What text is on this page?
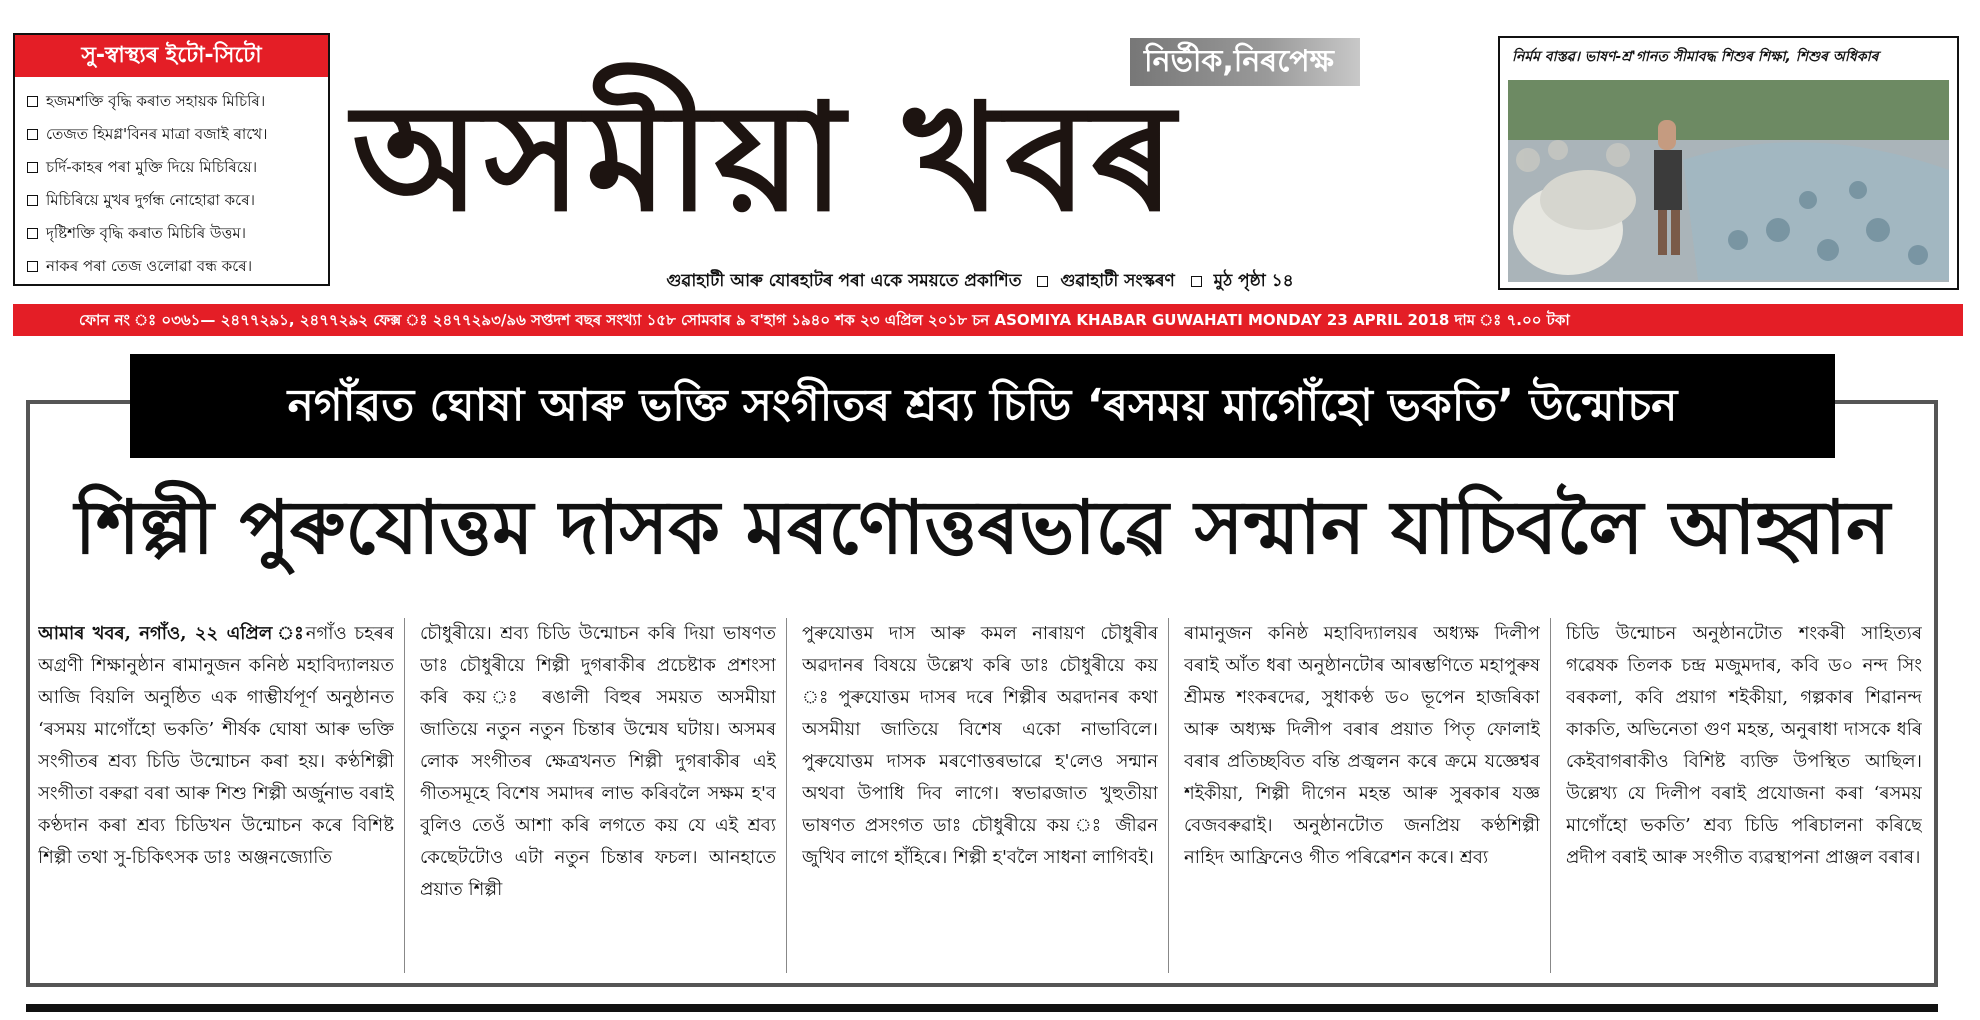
সু-স্বাস্থ্যৰ ইটো-সিটো
হজমশক্তি বৃদ্ধি কৰাত সহায়ক মিচিৰি।
তেজত হিমগ্ল'বিনৰ মাত্ৰা বজাই ৰাখে।
চৰ্দি-কাহৰ পৰা মুক্তি দিয়ে মিচিৰিয়ে।
মিচিৰিয়ে মুখৰ দুৰ্গন্ধ নোহোৱা কৰে।
দৃষ্টিশক্তি বৃদ্ধি কৰাত মিচিৰি উত্তম।
নাকৰ পৰা তেজ ওলোৱা বন্ধ কৰে।
নিৰ্ভীক,নিৰপেক্ষ
অসমীয়া খবৰ
গুৱাহাটী আৰু যোৰহাটৰ পৰা একে সময়তে প্ৰকাশিত গুৱাহাটী সংস্কৰণ মুঠ পৃষ্ঠা ১৪
নিৰ্মম বাস্তৱ। ভাষণ-শ্ৰ'গানত সীমাবদ্ধ শিশুৰ শিক্ষা, শিশুৰ অধিকাৰ
ফোন নং ঃ ০৩৬১— ২৪৭৭২৯১, ২৪৭৭২৯২ ফেক্স ঃ ২৪৭৭২৯৩/৯৬ সপ্তদশ বছৰ সংখ্যা ১৫৮ সোমবাৰ ৯ ব'হাগ ১৯৪০ শক ২৩ এপ্ৰিল ২০১৮ চন ASOMIYA KHABAR GUWAHATI MONDAY 23 APRIL 2018 দাম ঃ ৭.০০ টকা
নগাঁৱত ঘোষা আৰু ভক্তি সংগীতৰ শ্ৰব্য চিডি ‘ৰসময় মাগোঁহো ভকতি’ উন্মোচন
শিল্পী পুৰুযোত্তম দাসক মৰণোত্তৰভাৱে সন্মান যাচিবলৈ আহ্বান
আমাৰ খবৰ, নগাঁও, ২২ এপ্ৰিল ঃনগাঁও চহৰৰ অগ্ৰণী শিক্ষানুষ্ঠান ৰামানুজন কনিষ্ঠ মহাবিদ্যালয়ত আজি বিয়লি অনুষ্ঠিত এক গাম্ভীৰ্যপূৰ্ণ অনুষ্ঠানত ‘ৰসময় মাগোঁহো ভকতি’ শীৰ্ষক ঘোষা আৰু ভক্তি সংগীতৰ শ্ৰব্য চিডি উন্মোচন কৰা হয়। কণ্ঠশিল্পী সংগীতা বৰুৱা বৰা আৰু শিশু শিল্পী অৰ্জুনাভ বৰাই কণ্ঠদান কৰা শ্ৰব্য চিডিখন উন্মোচন কৰে বিশিষ্ট শিল্পী তথা সু-চিকিৎসক ডাঃ অঞ্জনজ্যোতি
চৌধুৰীয়ে। শ্ৰব্য চিডি উন্মোচন কৰি দিয়া ভাষণত ডাঃ চৌধুৰীয়ে শিল্পী দুগৰাকীৰ প্ৰচেষ্টাক প্ৰশংসা কৰি কয় ঃ ৰঙালী বিহুৰ সময়ত অসমীয়া জাতিয়ে নতুন নতুন চিন্তাৰ উন্মেষ ঘটায়। অসমৰ লোক সংগীতৰ ক্ষেত্ৰখনত শিল্পী দুগৰাকীৰ এই গীতসমূহে বিশেষ সমাদৰ লাভ কৰিবলৈ সক্ষম হ'ব বুলিও তেওঁ আশা কৰি লগতে কয় যে এই শ্ৰব্য কেছেটটোও এটা নতুন চিন্তাৰ ফচল। আনহাতে প্ৰয়াত শিল্পী
পুৰুযোত্তম দাস আৰু কমল নাৰায়ণ চৌধুৰীৰ অৱদানৰ বিষয়ে উল্লেখ কৰি ডাঃ চৌধুৰীয়ে কয় ঃ পুৰুযোত্তম দাসৰ দৰে শিল্পীৰ অৱদানৰ কথা অসমীয়া জাতিয়ে বিশেষ একো নাভাবিলে। পুৰুযোত্তম দাসক মৰণোত্তৰভাৱে হ'লেও সন্মান অথবা উপাধি দিব লাগে। স্বভাৱজাত খুহুতীয়া ভাষণত প্ৰসংগত ডাঃ চৌধুৰীয়ে কয় ঃ জীৱন জুখিব লাগে হাঁহিৰে। শিল্পী হ'বলৈ সাধনা লাগিবই।
ৰামানুজন কনিষ্ঠ মহাবিদ্যালয়ৰ অধ্যক্ষ দিলীপ বৰাই আঁত ধৰা অনুষ্ঠানটোৰ আৰম্ভণিতে মহাপুৰুষ শ্ৰীমন্ত শংকৰদেৱ, সুধাকণ্ঠ ড০ ভূপেন হাজৰিকা আৰু অধ্যক্ষ দিলীপ বৰাৰ প্ৰয়াত পিতৃ ফোলাই বৰাৰ প্ৰতিচ্ছবিত বন্তি প্ৰজ্বলন কৰে ক্ৰমে যজ্ঞেশ্বৰ শইকীয়া, শিল্পী দীগেন মহন্ত আৰু সুৰকাৰ যজ্ঞ বেজবৰুৱাই। অনুষ্ঠানটোত জনপ্ৰিয় কণ্ঠশিল্পী নাহিদ আফ্ৰিনেও গীত পৰিৱেশন কৰে। শ্ৰব্য
চিডি উন্মোচন অনুষ্ঠানটোত শংকৰী সাহিত্যৰ গৱেষক তিলক চন্দ্ৰ মজুমদাৰ, কবি ড০ নন্দ সিং বৰকলা, কবি প্ৰয়াগ শইকীয়া, গল্পকাৰ শিৱানন্দ কাকতি, অভিনেতা গুণ মহন্ত, অনুৰাধা দাসকে ধৰি কেইবাগৰাকীও বিশিষ্ট ব্যক্তি উপস্থিত আছিল। উল্লেখ্য যে দিলীপ বৰাই প্ৰযোজনা কৰা ‘ৰসময় মাগোঁহো ভকতি’ শ্ৰব্য চিডি পৰিচালনা কৰিছে প্ৰদীপ বৰাই আৰু সংগীত ব্যৱস্থাপনা প্ৰাঞ্জল বৰাৰ।
